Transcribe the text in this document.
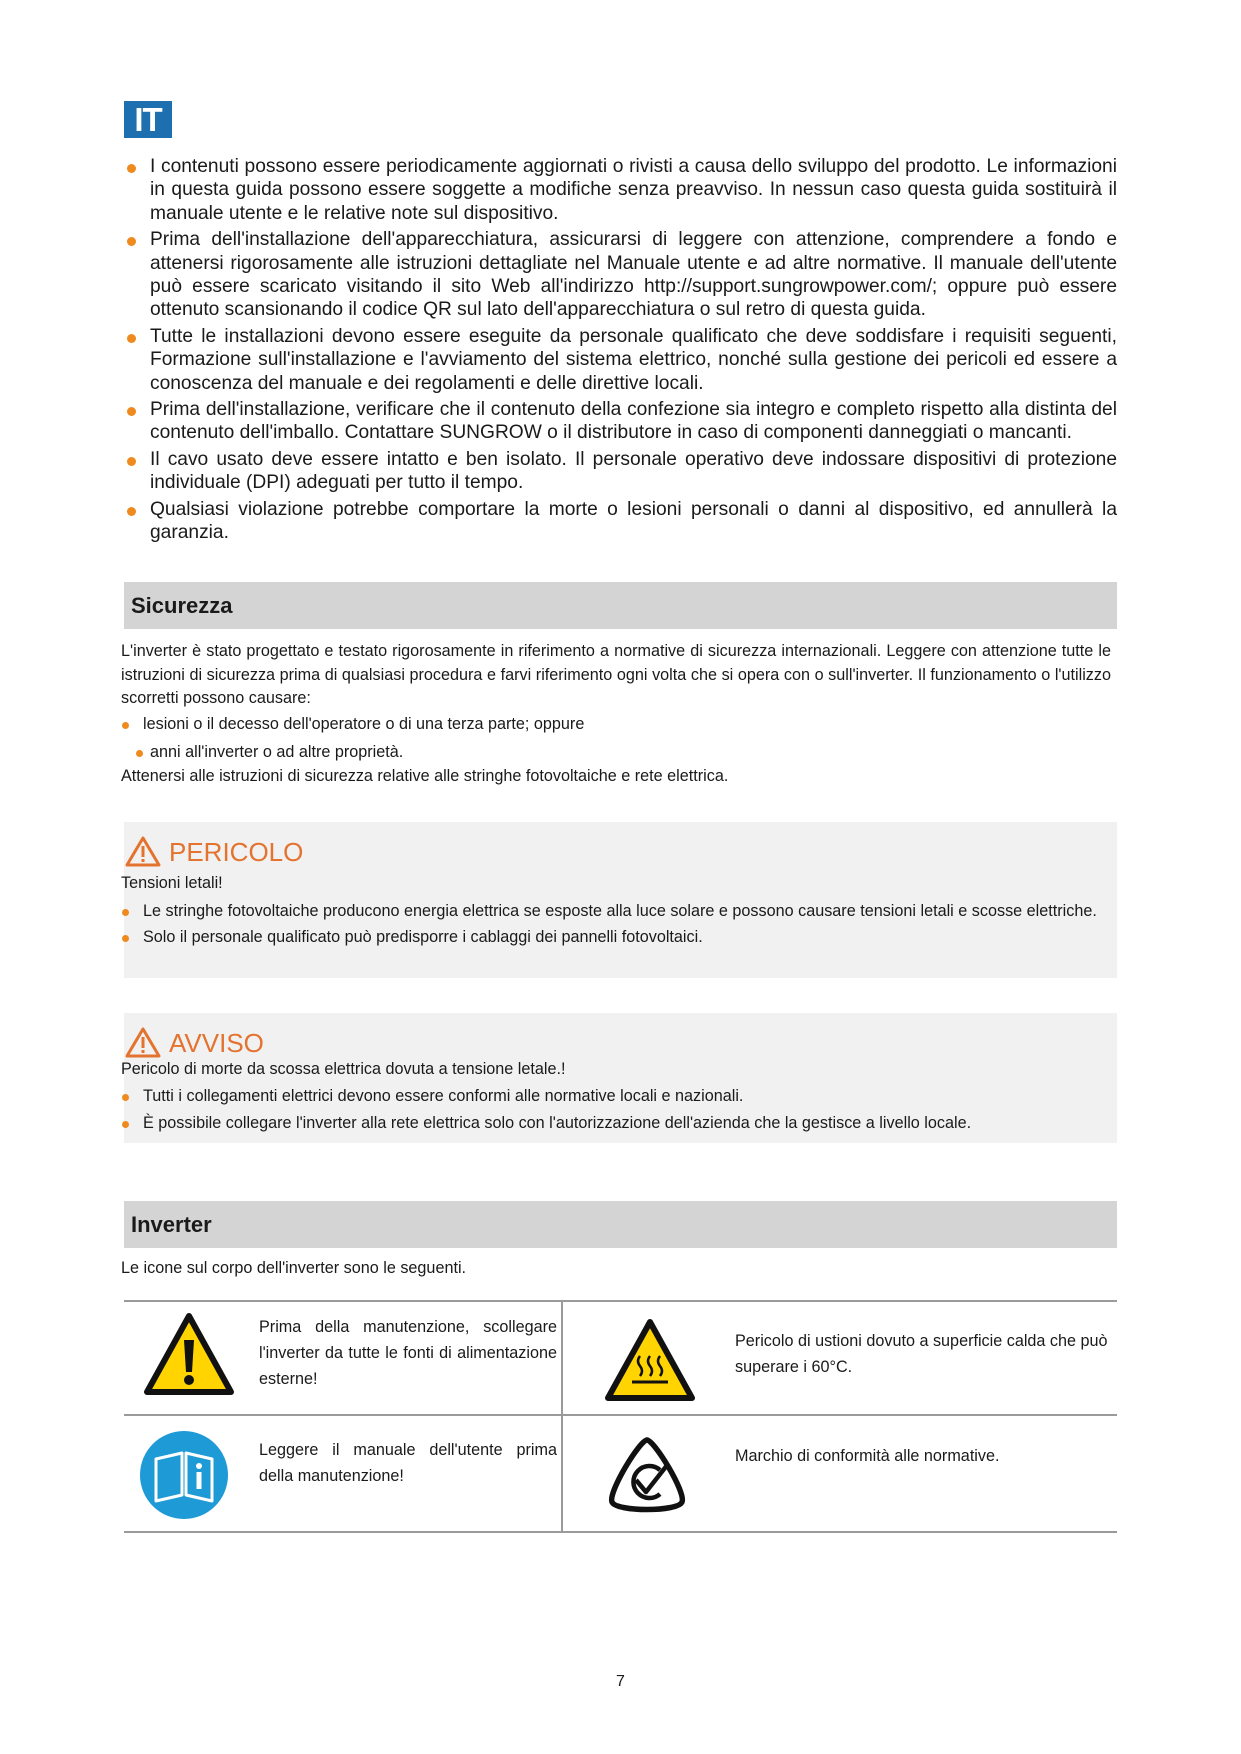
IT
I contenuti possono essere periodicamente aggiornati o rivisti a causa dello sviluppo del prodotto. Le informazioni in questa guida possono essere soggette a modifiche senza preavviso. In nessun caso questa guida sostituirà il manuale utente e le relative note sul dispositivo.
Prima dell'installazione dell'apparecchiatura, assicurarsi di leggere con attenzione, comprendere a fondo e attenersi rigorosamente alle istruzioni dettagliate nel Manuale utente e ad altre normative. Il manuale dell'utente può essere scaricato visitando il sito Web all'indirizzo http://support.sungrowpower.com/; oppure può essere ottenuto scansionando il codice QR sul lato dell'apparecchiatura o sul retro di questa guida.
Tutte le installazioni devono essere eseguite da personale qualificato che deve soddisfare i requisiti seguenti, Formazione sull'installazione e l'avviamento del sistema elettrico, nonché sulla gestione dei pericoli ed essere a conoscenza del manuale e dei regolamenti e delle direttive locali.
Prima dell'installazione, verificare che il contenuto della confezione sia integro e completo rispetto alla distinta del contenuto dell'imballo. Contattare SUNGROW o il distributore in caso di componenti danneggiati o mancanti.
Il cavo usato deve essere intatto e ben isolato. Il personale operativo deve indossare dispositivi di protezione individuale (DPI) adeguati per tutto il tempo.
Qualsiasi violazione potrebbe comportare la morte o lesioni personali o danni al dispositivo, ed annullerà la garanzia.
Sicurezza
L'inverter è stato progettato e testato rigorosamente in riferimento a normative di sicurezza internazionali. Leggere con attenzione tutte le istruzioni di sicurezza prima di qualsiasi procedura e farvi riferimento ogni volta che si opera con o sull'inverter. Il funzionamento o l'utilizzo scorretti possono causare:
lesioni o il decesso dell'operatore o di una terza parte; oppure
anni all'inverter o ad altre proprietà.
Attenersi alle istruzioni di sicurezza relative alle stringhe fotovoltaiche e rete elettrica.
PERICOLO
Tensioni letali!
Le stringhe fotovoltaiche producono energia elettrica se esposte alla luce solare e possono causare tensioni letali e scosse elettriche.
Solo il personale qualificato può predisporre i cablaggi dei pannelli fotovoltaici.
AVVISO
Pericolo di morte da scossa elettrica dovuta a tensione letale.!
Tutti i collegamenti elettrici devono essere conformi alle normative locali e nazionali.
È possibile collegare l'inverter alla rete elettrica solo con l'autorizzazione dell'azienda che la gestisce a livello locale.
Inverter
Le icone sul corpo dell'inverter sono le seguenti.
Prima della manutenzione, scollegare l'inverter da tutte le fonti di alimentazione esterne!
Pericolo di ustioni dovuto a superficie calda che può superare i 60°C.
Leggere il manuale dell'utente prima della manutenzione!
Marchio di conformità alle normative.
7
